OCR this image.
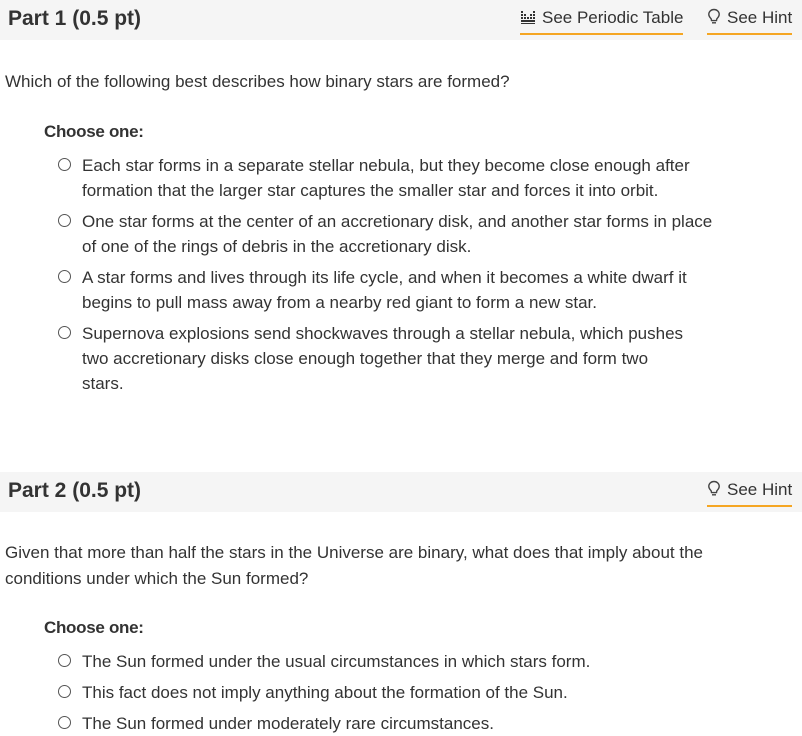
Part 1 (0.5 pt)	See Periodic Table	See Hint
Which of the following best describes how binary stars are formed?
Choose one:
Each star forms in a separate stellar nebula, but they become close enough after formation that the larger star captures the smaller star and forces it into orbit.
One star forms at the center of an accretionary disk, and another star forms in place of one of the rings of debris in the accretionary disk.
A star forms and lives through its life cycle, and when it becomes a white dwarf it begins to pull mass away from a nearby red giant to form a new star.
Supernova explosions send shockwaves through a stellar nebula, which pushes two accretionary disks close enough together that they merge and form two stars.
Part 2 (0.5 pt)	See Hint
Given that more than half the stars in the Universe are binary, what does that imply about the conditions under which the Sun formed?
Choose one:
The Sun formed under the usual circumstances in which stars form.
This fact does not imply anything about the formation of the Sun.
The Sun formed under moderately rare circumstances.
